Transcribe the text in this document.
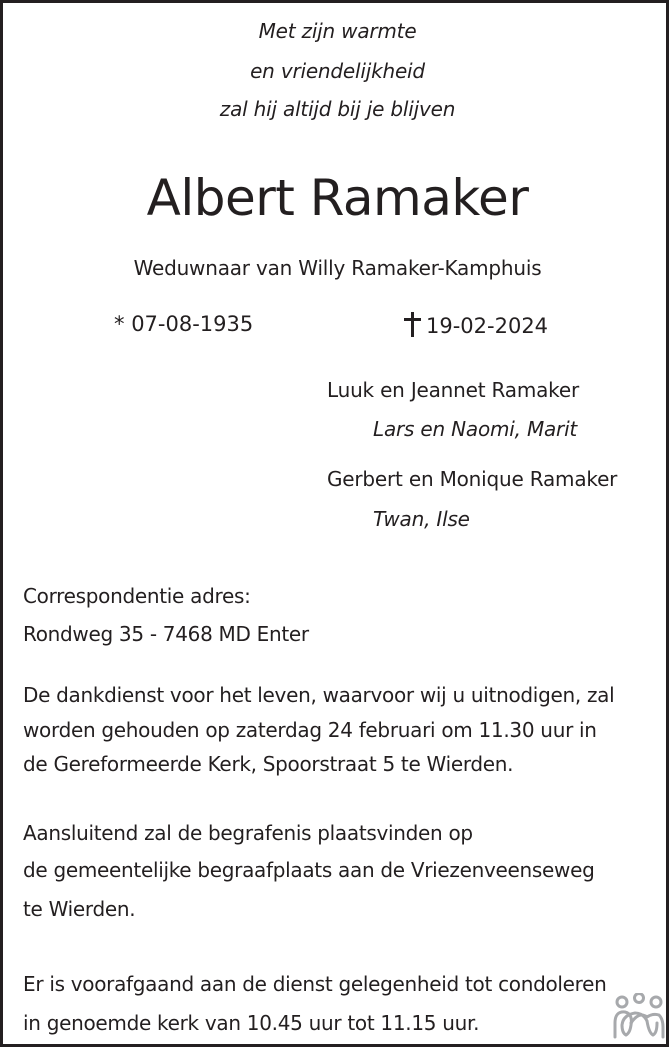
Met zijn warmte
en vriendelijkheid
zal hij altijd bij je blijven
Albert Ramaker
Weduwnaar van Willy Ramaker-Kamphuis
* 07-08-1935	19-02-2024
Luuk en Jeannet Ramaker
Lars en Naomi, Marit
Gerbert en Monique Ramaker
Twan, Ilse
Correspondentie adres:
Rondweg 35 - 7468 MD Enter
De dankdienst voor het leven, waarvoor wij u uitnodigen, zal
worden gehouden op zaterdag 24 februari om 11.30 uur in
de Gereformeerde Kerk, Spoorstraat 5 te Wierden.
Aansluitend zal de begrafenis plaatsvinden op
de gemeentelijke begraafplaats aan de Vriezenveenseweg
te Wierden.
Er is voorafgaand aan de dienst gelegenheid tot condoleren
in genoemde kerk van 10.45 uur tot 11.15 uur.
